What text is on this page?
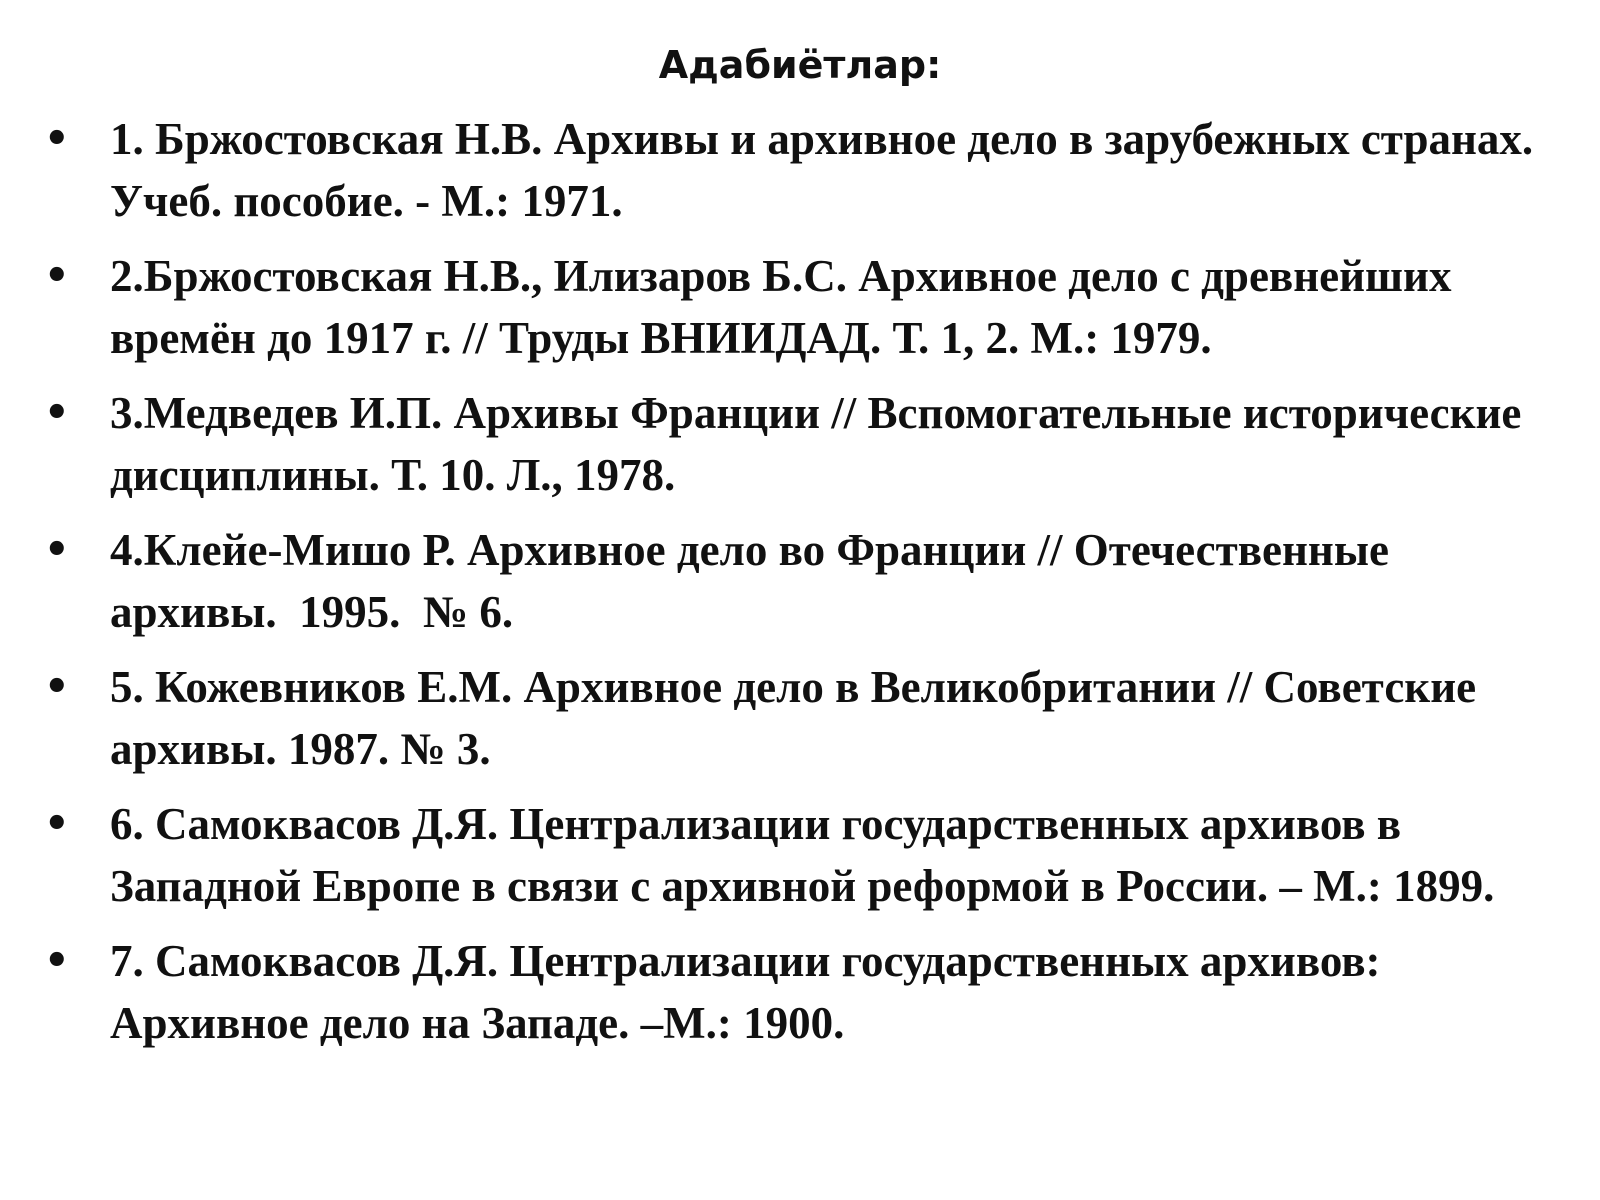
Адабиётлар:
• 1. Бржостовская Н.В. Архивы и архивное дело в зарубежных странах. Учеб. пособие. - М.: 1971.
• 2.Бржостовская Н.В., Илизаров Б.С. Архивное дело с древнейших времён до 1917 г. // Труды ВНИИДАД. Т. 1, 2. М.: 1979.
• 3.Медведев И.П. Архивы Франции // Вспомогательные исторические дисциплины. Т. 10. Л., 1978.
• 4.Клейе-Мишо Р. Архивное дело во Франции // Отечественные  архивы.  1995.  № 6.
• 5. Кожевников Е.М. Архивное дело в Великобритании // Советские архивы. 1987. № 3.
• 6. Самоквасов Д.Я. Централизации государственных архивов в Западной Европе в связи с архивной реформой в России. – М.: 1899.
• 7. Самоквасов Д.Я. Централизации государственных архивов: Архивное дело на Западе. –М.: 1900.
